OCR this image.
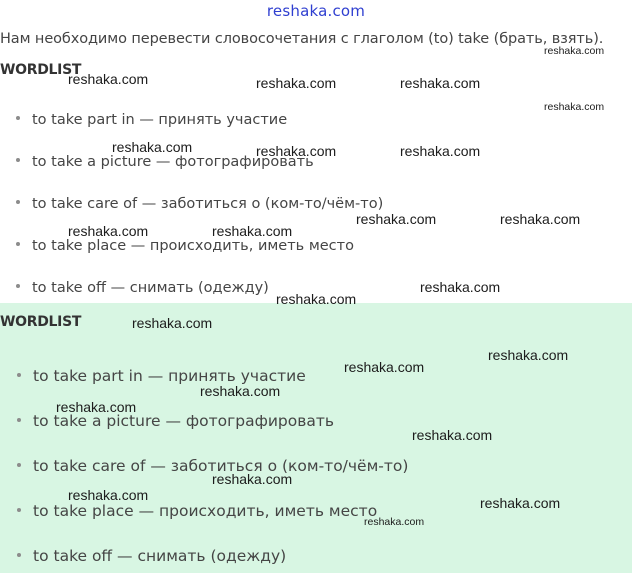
reshaka.com
Нам необходимо перевести словосочетания с глаголом (to) take (брать, взять).
WORDLIST
to take part in — принять участие
to take a picture — фотографировать
to take care of — заботиться о (ком-то/чём-то)
to take place — происходить, иметь место
to take off — снимать (одежду)
WORDLIST
to take part in — принять участие
to take a picture — фотографировать
to take care of — заботиться о (ком-то/чём-то)
to take place — происходить, иметь место
to take off — снимать (одежду)
reshaka.com
reshaka.com	reshaka.com	reshaka.com
reshaka.com
reshaka.com	reshaka.com	reshaka.com
reshaka.com	reshaka.com
reshaka.com	reshaka.com
reshaka.com
reshaka.com
reshaka.com
reshaka.com
reshaka.com
reshaka.com
reshaka.com
reshaka.com
reshaka.com
reshaka.com	reshaka.com
reshaka.com
